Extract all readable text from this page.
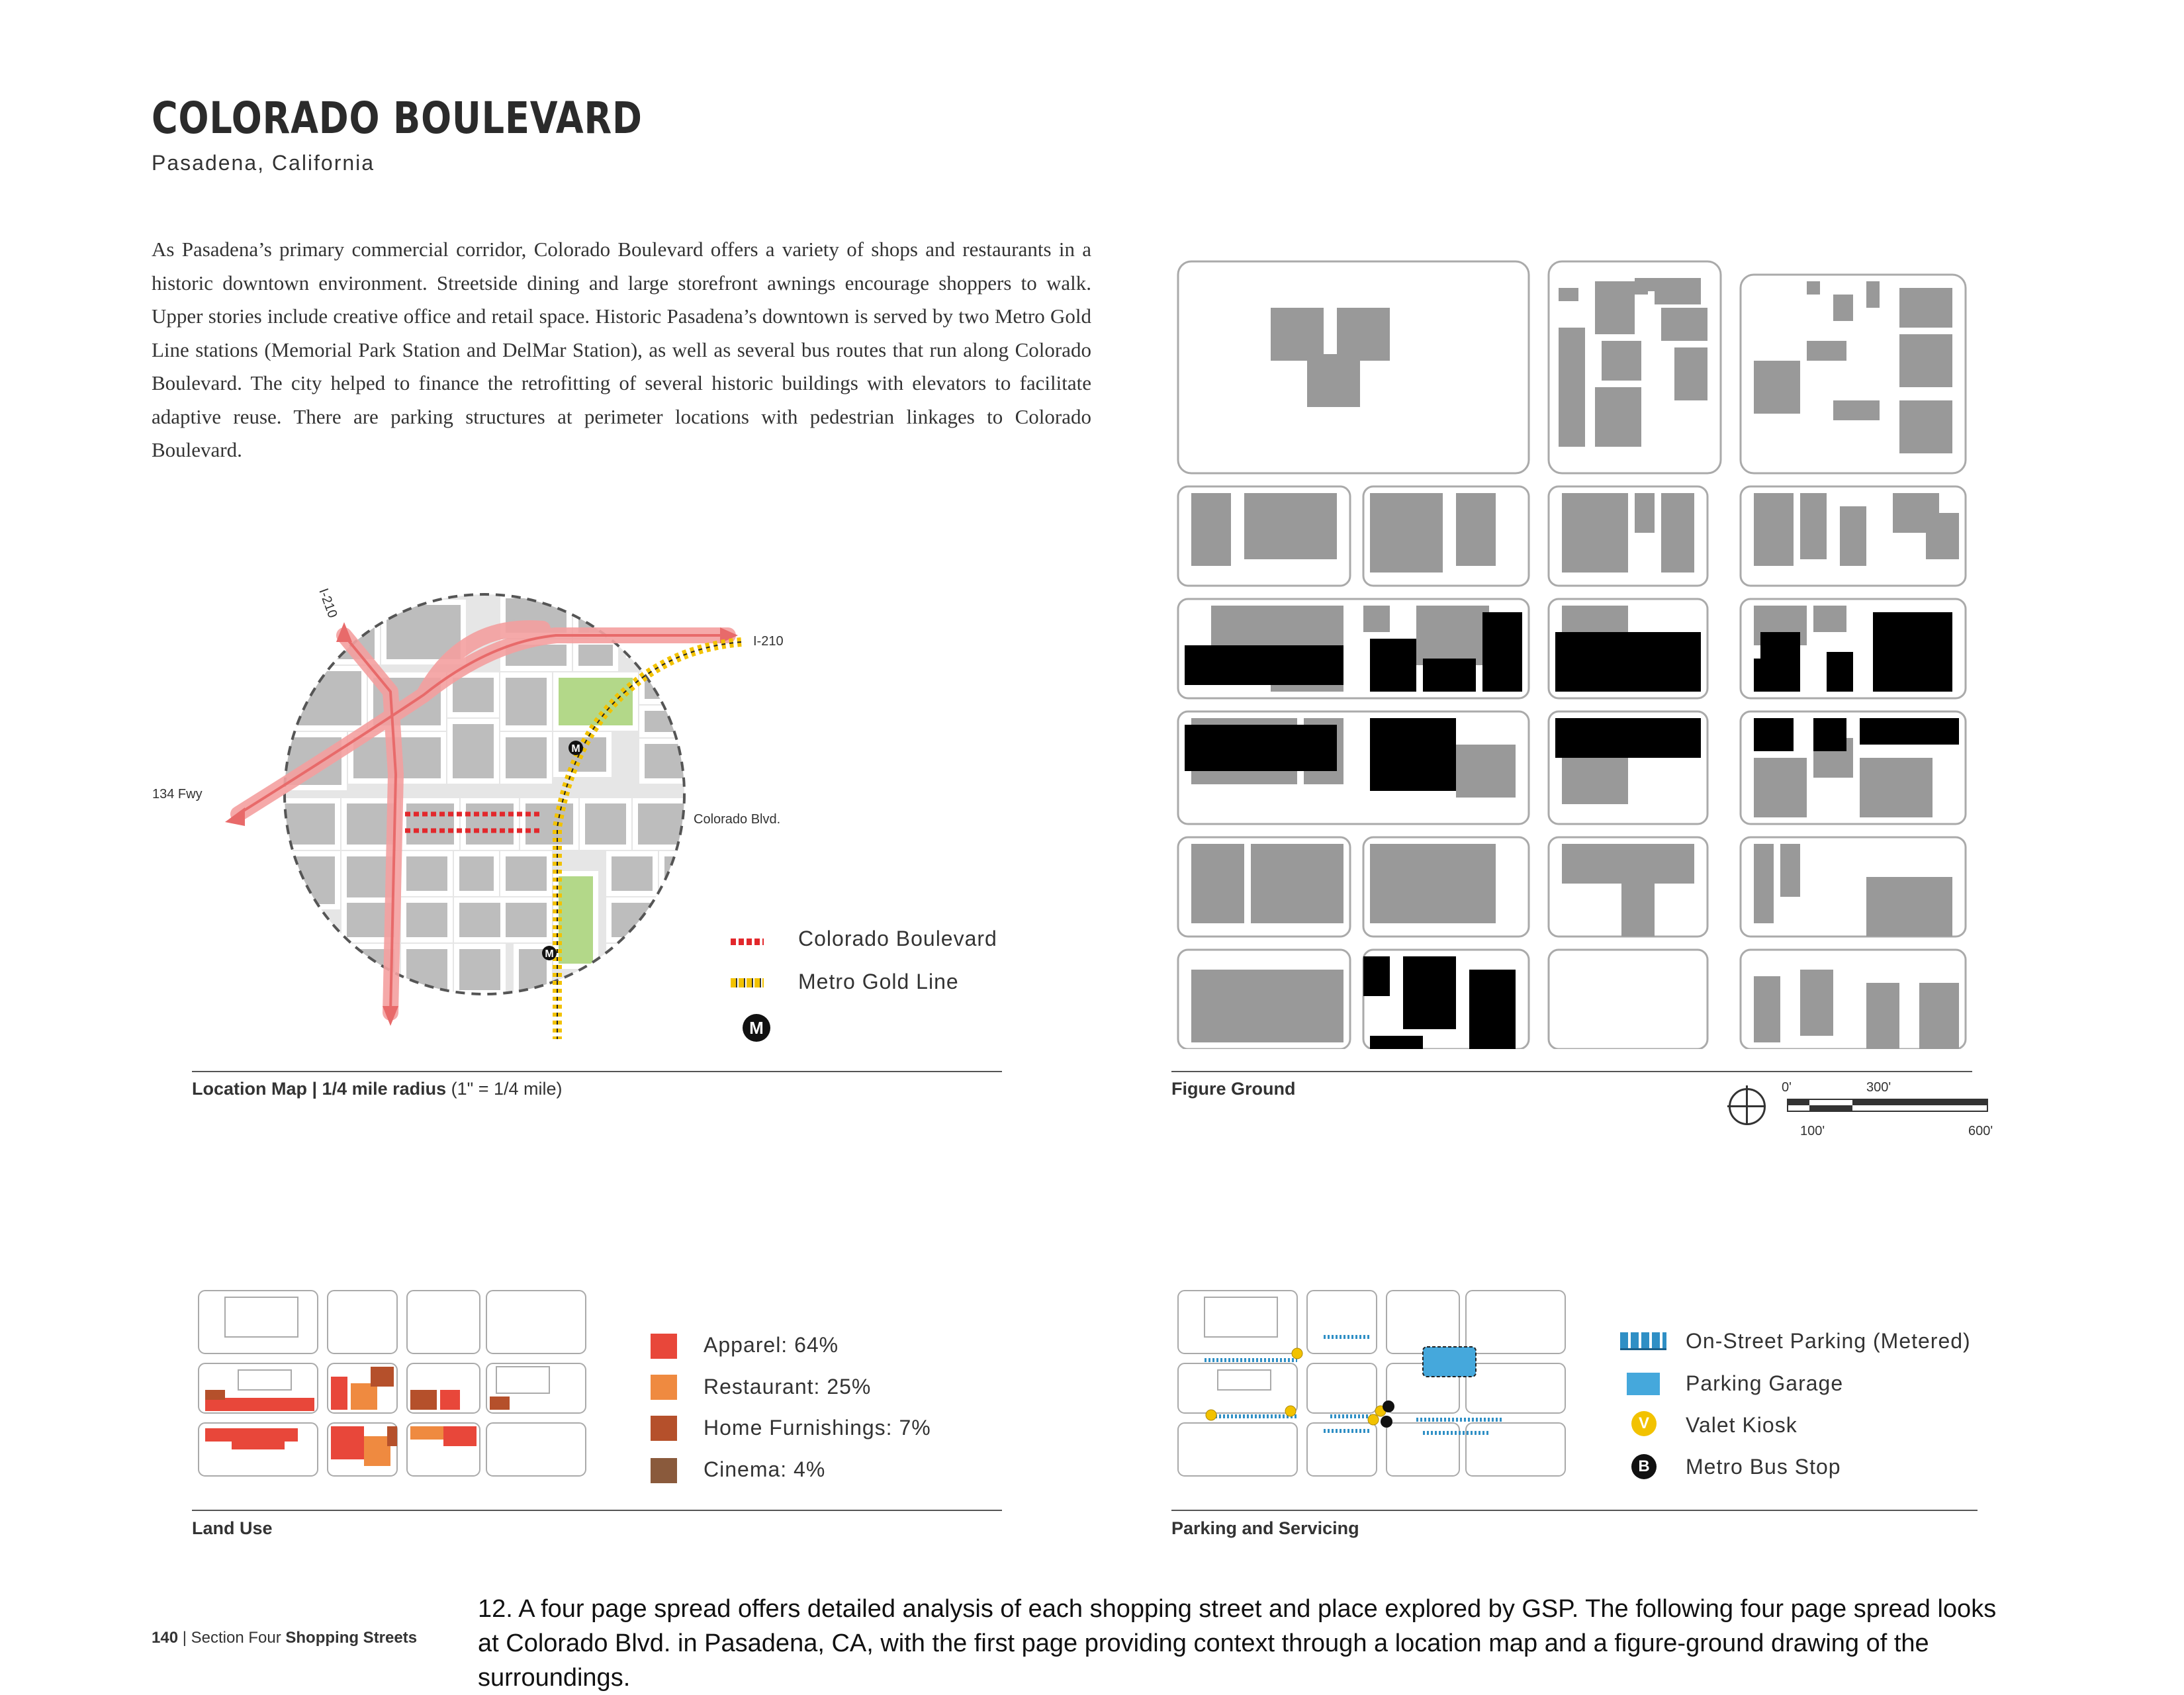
COLORADO BOULEVARD
Pasadena, California
As Pasadena’s primary commercial corridor, Colorado Boulevard offers a variety of shops and restaurants in a historic downtown environment. Streetside dining and large storefront awnings encourage shoppers to walk. Upper stories include creative office and retail space. Historic Pasadena’s downtown is served by two Metro Gold Line stations (Memorial Park Station and DelMar Station), as well as several bus routes that run along Colorado Boulevard. The city helped to finance the retrofitting of several historic buildings with elevators to facilitate adaptive reuse. There are parking structures at perimeter locations with pedestrian linkages to Colorado Boulevard.
M
M
I-210
I-210
134 Fwy
Colorado Blvd.
Colorado Boulevard
Metro Gold Line
M
Location Map | 1/4 mile radius (1" = 1/4 mile)	Figure Ground	0'	300'
100'	600'
Apparel: 64%
Restaurant: 25%
Home Furnishings: 7%
Cinema: 4%
Land Use
On-Street Parking (Metered)
Parking Garage
V	Valet Kiosk
B	Metro Bus Stop
Parking and Servicing
140 | Section Four Shopping Streets
12. A four page spread offers detailed analysis of each shopping street and place explored by GSP. The following four page spread looks at Colorado Blvd. in Pasadena, CA, with the first page providing context through a location map and a figure-ground drawing of the surroundings.
